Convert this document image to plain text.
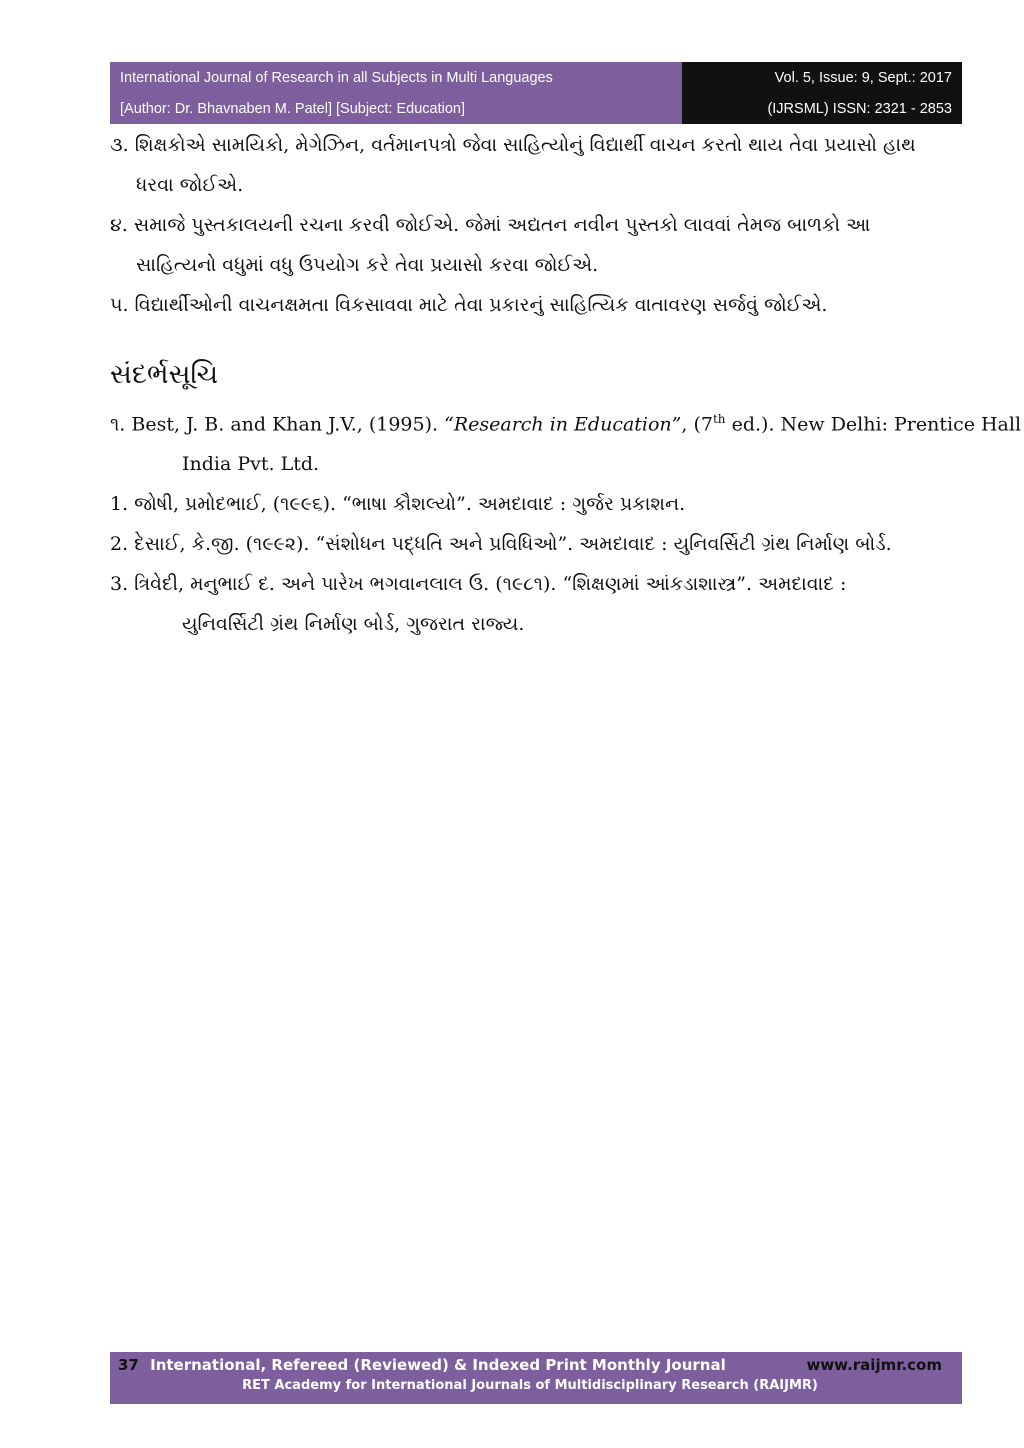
International Journal of Research in all Subjects in Multi Languages
[Author: Dr. Bhavnaben M. Patel] [Subject: Education]
Vol. 5, Issue: 9, Sept.: 2017
(IJRSML) ISSN: 2321 - 2853
૩. શિક્ષકોએ સામયિકો, મેગેઝિન, વર્તમાનપત્રો જેવા સાહિત્યોનું વિદ્યાર્થી વાચન કરતો થાય તેવા પ્રયાસો હાથ
ધરવા જોઈએ.
૪. સમાજે પુસ્તકાલયની રચના કરવી જોઈએ. જેમાં અદ્યતન નવીન પુસ્તકો લાવવાં તેમજ બાળકો આ
સાહિત્યનો વધુમાં વધુ ઉપયોગ કરે તેવા પ્રયાસો કરવા જોઈએ.
૫. વિદ્યાર્થીઓની વાચનક્ષમતા વિકસાવવા માટે તેવા પ્રકારનું સાહિત્યિક વાતાવરણ સર્જવું જોઈએ.
સંદર્ભસૂચિ
૧. Best, J. B. and Khan J.V., (1995). “Research in Education”, (7th ed.). New Delhi: Prentice Hall
India Pvt. Ltd.
1. જોષી, પ્રમોદભાઈ, (૧૯૯૬). “ભાષા કૌશલ્યો”. અમદાવાદ : ગુર્જર પ્રકાશન.
2. દેસાઈ, કે.જી. (૧૯૯૨). “સંશોધન પદ્ધતિ અને પ્રવિધિઓ”. અમદાવાદ : યુનિવર્સિટી ગ્રંથ નિર્માણ બોર્ડ.
3. ત્રિવેદી, મનુભાઈ દ. અને પારેખ ભગવાનલાલ ઉ. (૧૯૮૧). “શિક્ષણમાં આંકડાશાસ્ત્ર”. અમદાવાદ :
યુનિવર્સિટી ગ્રંથ નિર્માણ બોર્ડ, ગુજરાત રાજ્ય.
37 International, Refereed (Reviewed) & Indexed Print Monthly Journal	www.raijmr.com
RET Academy for International Journals of Multidisciplinary Research (RAIJMR)
